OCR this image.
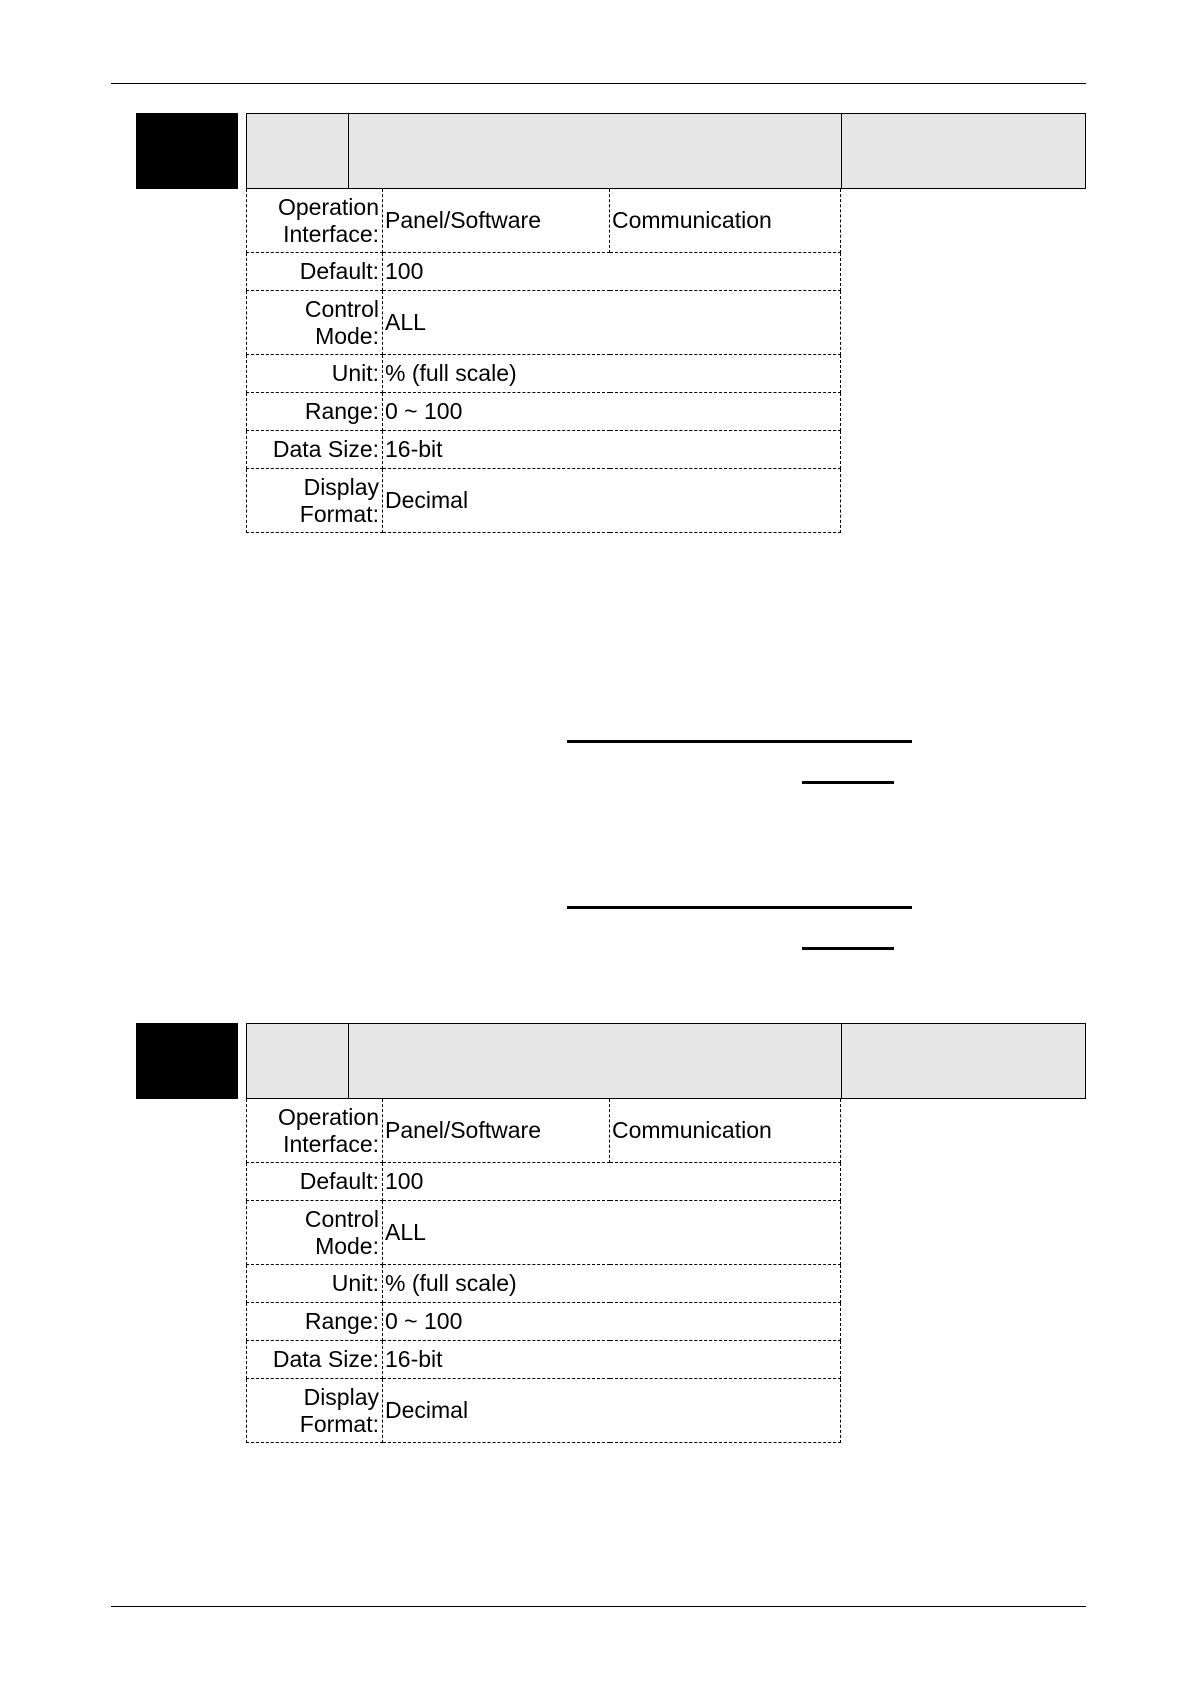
Operation Interface:	Panel/Software	Communication
Default:	100	
Control Mode:	ALL	
Unit:	% (full scale)	
Range:	0 ~ 100	
Data Size:	16-bit	
Display Format:	Decimal	
Operation Interface:	Panel/Software	Communication
Default:	100	
Control Mode:	ALL	
Unit:	% (full scale)	
Range:	0 ~ 100	
Data Size:	16-bit	
Display Format:	Decimal	
